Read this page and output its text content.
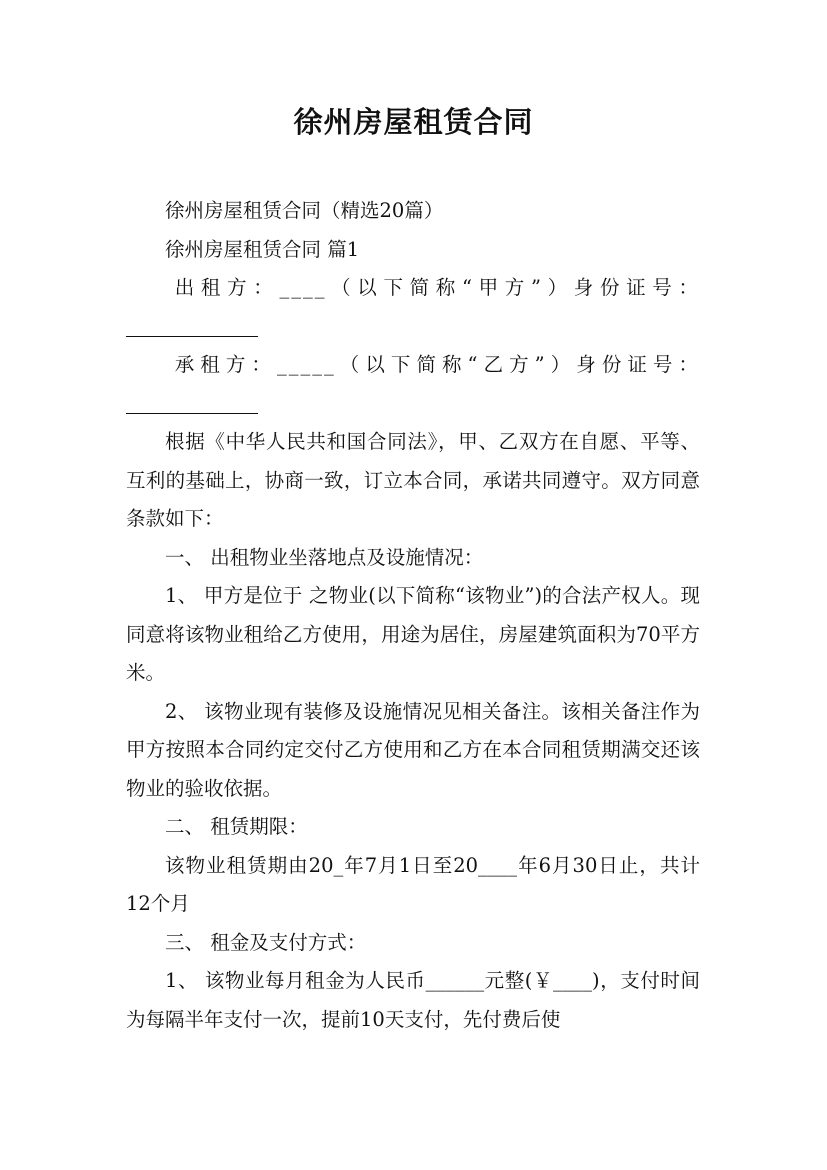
徐州房屋租赁合同

徐州房屋租赁合同（精选20篇）

徐州房屋租赁合同 篇1

出租方：____（以下简称“甲方”）身份证号：

承租方：_____（以下简称“乙方”）身份证号：

根据《中华人民共和国合同法》，甲、乙双方在自愿、平等、互利的基础上，协商一致，订立本合同，承诺共同遵守。双方同意条款如下：

一、 出租物业坐落地点及设施情况：

1、 甲方是位于 之物业(以下简称“该物业”)的合法产权人。现同意将该物业租给乙方使用，用途为居住，房屋建筑面积为70平方米。

2、 该物业现有装修及设施情况见相关备注。该相关备注作为甲方按照本合同约定交付乙方使用和乙方在本合同租赁期满交还该物业的验收依据。

二、 租赁期限：

该物业租赁期由20_年7月1日至20____年6月30日止，共计12个月

三、 租金及支付方式：

1、 该物业每月租金为人民币______元整(￥____)，支付时间为每隔半年支付一次，提前10天支付，先付费后使
